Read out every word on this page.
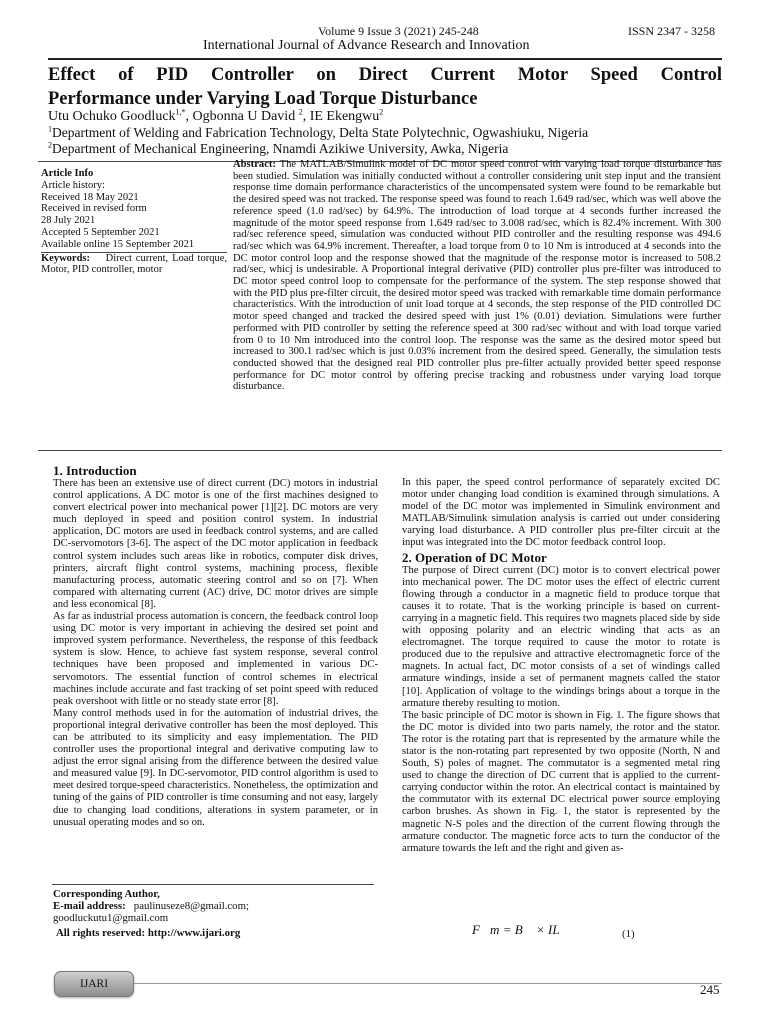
Volume 9 Issue 3 (2021) 245-248	ISSN 2347 - 3258
International Journal of Advance Research and Innovation
Effect of PID Controller on Direct Current Motor Speed Control
Performance under Varying Load Torque Disturbance
Utu Ochuko Goodluck$^{1,*}$, Ogbonna U David $^2$, IE Ekengwu$^2$
$^1$Department of Welding and Fabrication Technology, Delta State Polytechnic, Ogwashiuku, Nigeria
$^2$Department of Mechanical Engineering, Nnamdi Azikiwe University, Awka, Nigeria
Article Info
Article history:
Received 18 May 2021
Received in revised form
28 July 2021
Accepted 5 September 2021
Available online 15 September 2021
Keywords: Direct current, Load torque, Motor, PID controller, motor
Abstract: The MATLAB/Simulink model of DC motor speed control with varying load torque disturbance has been studied. Simulation was initially conducted without a controller considering unit step input and the transient response time domain performance characteristics of the uncompensated system were found to be remarkable but the desired speed was not tracked. The response speed was found to reach 1.649 rad/sec, which was well above the reference speed (1.0 rad/sec) by 64.9%. The introduction of load torque at 4 seconds further increased the magnitude of the motor speed response from 1.649 rad/sec to 3.008 rad/sec, which is 82.4% increment. With 300 rad/sec reference speed, simulation was conducted without PID controller and the resulting response was 494.6 rad/sec which was 64.9% increment. Thereafter, a load torque from 0 to 10 Nm is introduced at 4 seconds into the DC motor control loop and the response showed that the magnitude of the response motor is increased to 508.2 rad/sec, whicj is undesirable. A Proportional integral derivative (PID) controller plus pre-filter was introduced to DC motor speed control loop to compensate for the performance of the system. The step response showed that with the PID plus pre-filter circuit, the desired motor speed was tracked with remarkable time domain performance characteristics. With the introduction of unit load torque at 4 seconds, the step response of the PID controlled DC motor speed changed and tracked the desired speed with just 1% (0.01) deviation. Simulations were further performed with PID controller by setting the reference speed at 300 rad/sec without and with load torque varied from 0 to 10 Nm introduced into the control loop. The response was the same as the desired motor speed but increased to 300.1 rad/sec which is just 0.03% increment from the desired speed. Generally, the simulation tests conducted showed that the designed real PID controller plus pre-filter actually provided better speed response performance for DC motor control by offering precise tracking and robustness under varying load torque disturbance.
1. Introduction

There has been an extensive use of direct current (DC) motors in industrial control applications. A DC motor is one of the first machines designed to convert electrical power into mechanical power [1][2]. DC motors are very much deployed in speed and position control system. In industrial application, DC motors are used in feedback control systems, and are called DC-servomotors [3-6]. The aspect of the DC motor application in feedback control system includes such areas like in robotics, computer disk drives, printers, aircraft flight control systems, machining process, flexible manufacturing process, automatic steering control and so on [7]. When compared with alternating current (AC) drive, DC motor drives are simple and less economical [8].

As far as industrial process automation is concern, the feedback control loop using DC motor is very important in achieving the desired set point and improved system performance. Nevertheless, the response of this feedback system is slow. Hence, to achieve fast system response, several control techniques have been proposed and implemented in various DC-servomotors. The essential function of control schemes in electrical machines include accurate and fast tracking of set point speed with reduced peak overshoot with little or no steady state error [8].

Many control methods used in for the automation of industrial drives, the proportional integral derivative controller has been the most deployed. This can be attributed to its simplicity and easy implementation. The PID controller uses the proportional integral and derivative computing law to adjust the error signal arising from the difference between the desired value and measured value [9]. In DC-servomotor, PID control algorithm is used to meet desired torque-speed characteristics. Nonetheless, the optimization and tuning of the gains of PID controller is time consuming and not easy, largely due to changing load conditions, alterations in system parameter, or in unusual operating modes and so on.

In this paper, the speed control performance of separately excited DC motor under changing load condition is examined through simulations. A model of the DC motor was implemented in Simulink environment and MATLAB/Simulink simulation analysis is carried out under considering varying load disturbance. A PID controller plus pre-filter circuit at the input was integrated into the DC motor feedback control loop.

2. Operation of DC Motor

The purpose of Direct current (DC) motor is to convert electrical power into mechanical power. The DC motor uses the effect of electric current flowing through a conductor in a magnetic field to produce torque that causes it to rotate. That is the working principle is based on current-carrying in a magnetic field. This requires two magnets placed side by side with opposing polarity and an electric winding that acts as an electromagnet. The torque required to cause the motor to rotate is produced due to the repulsive and attractive electromagnetic force of the magnets. In actual fact, DC motor consists of a set of windings called armature windings, inside a set of permanent magnets called the stator [10]. Application of voltage to the windings brings about a torque in the armature thereby resulting to motion.

The basic principle of DC motor is shown in Fig. 1. The figure shows that the DC motor is divided into two parts namely, the rotor and the stator. The rotor is the rotating part that is represented by the armature while the stator is the non-rotating part represented by two opposite (North, N and South, S) poles of magnet. The commutator is a segmented metal ring used to change the direction of DC current that is applied to the current-carrying conductor within the rotor. An electrical contact is maintained by the commutator with its external DC electrical power source employing carbon brushes. As shown in Fig. 1, the stator is represented by the magnetic N-S poles and the direction of the current flowing through the armature conductor. The magnetic force acts to turn the conductor of the armature towards the left and the right and given as-

F⃗m = B⃗ × IL⃗	(1)
Corresponding Author,
E-mail address: paulinuseze8@gmail.com;
goodluckutu1@gmail.com
All rights reserved: http://www.ijari.org
IJARI	245
